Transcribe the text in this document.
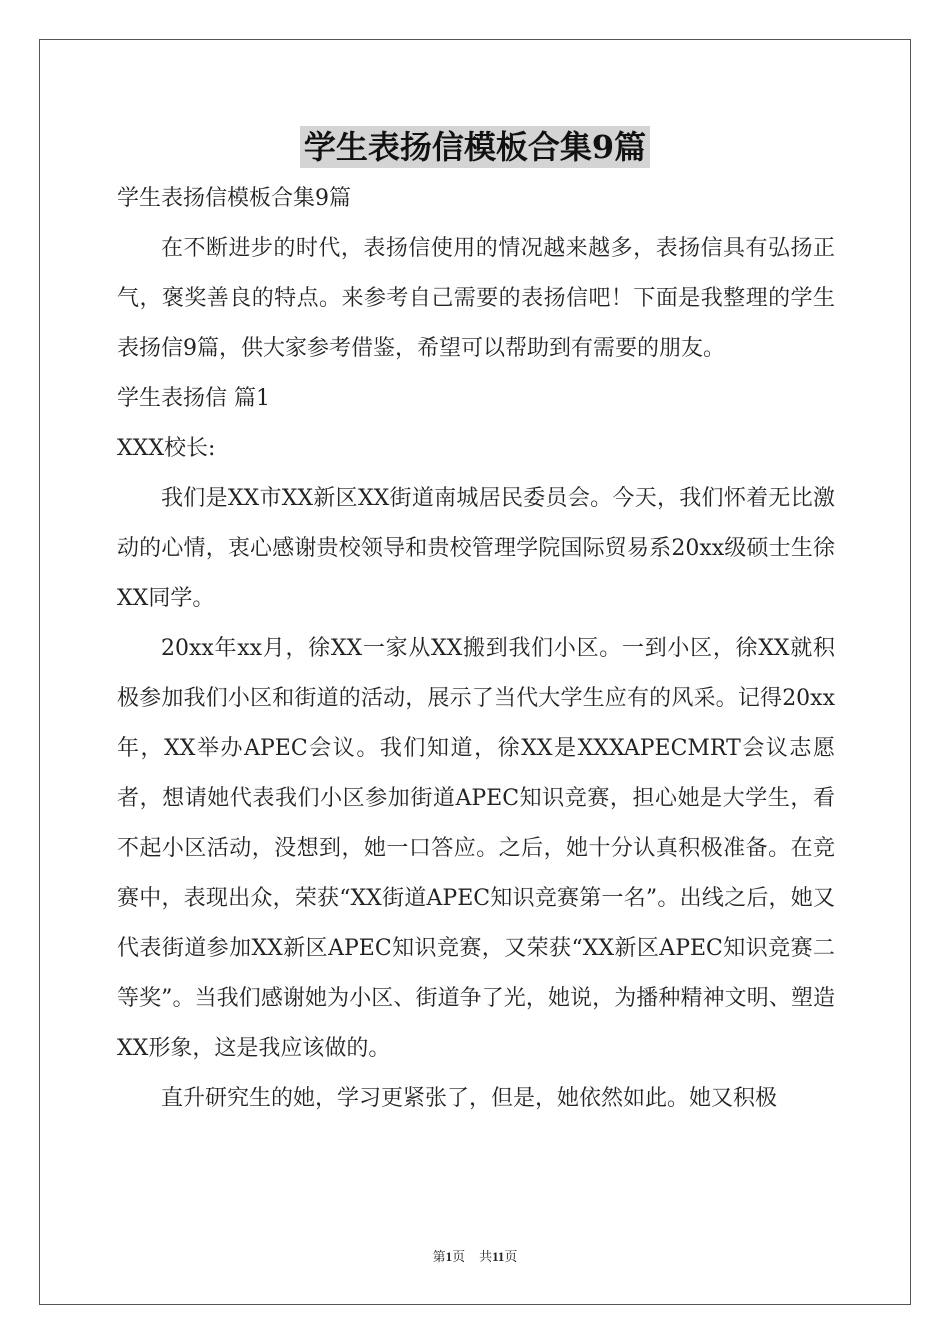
学生表扬信模板合集9篇

学生表扬信模板合集9篇

在不断进步的时代，表扬信使用的情况越来越多，表扬信具有弘扬正气，褒奖善良的特点。来参考自己需要的表扬信吧！下面是我整理的学生表扬信9篇，供大家参考借鉴，希望可以帮助到有需要的朋友。

学生表扬信 篇1

XXX校长:

我们是XX市XX新区XX街道南城居民委员会。今天，我们怀着无比激动的心情，衷心感谢贵校领导和贵校管理学院国际贸易系20xx级硕士生徐XX同学。

20xx年xx月，徐XX一家从XX搬到我们小区。一到小区，徐XX就积极参加我们小区和街道的活动，展示了当代大学生应有的风采。记得20xx年，XX举办APEC会议。我们知道，徐XX是XXXAPECMRT会议志愿者，想请她代表我们小区参加街道APEC知识竞赛，担心她是大学生，看不起小区活动，没想到，她一口答应。之后，她十分认真积极准备。在竞赛中，表现出众，荣获“XX街道APEC知识竞赛第一名”。出线之后，她又代表街道参加XX新区APEC知识竞赛，又荣获“XX新区APEC知识竞赛二等奖”。当我们感谢她为小区、街道争了光，她说，为播种精神文明、塑造XX形象，这是我应该做的。

直升研究生的她，学习更紧张了，但是，她依然如此。她又积极

第1页 共11页
